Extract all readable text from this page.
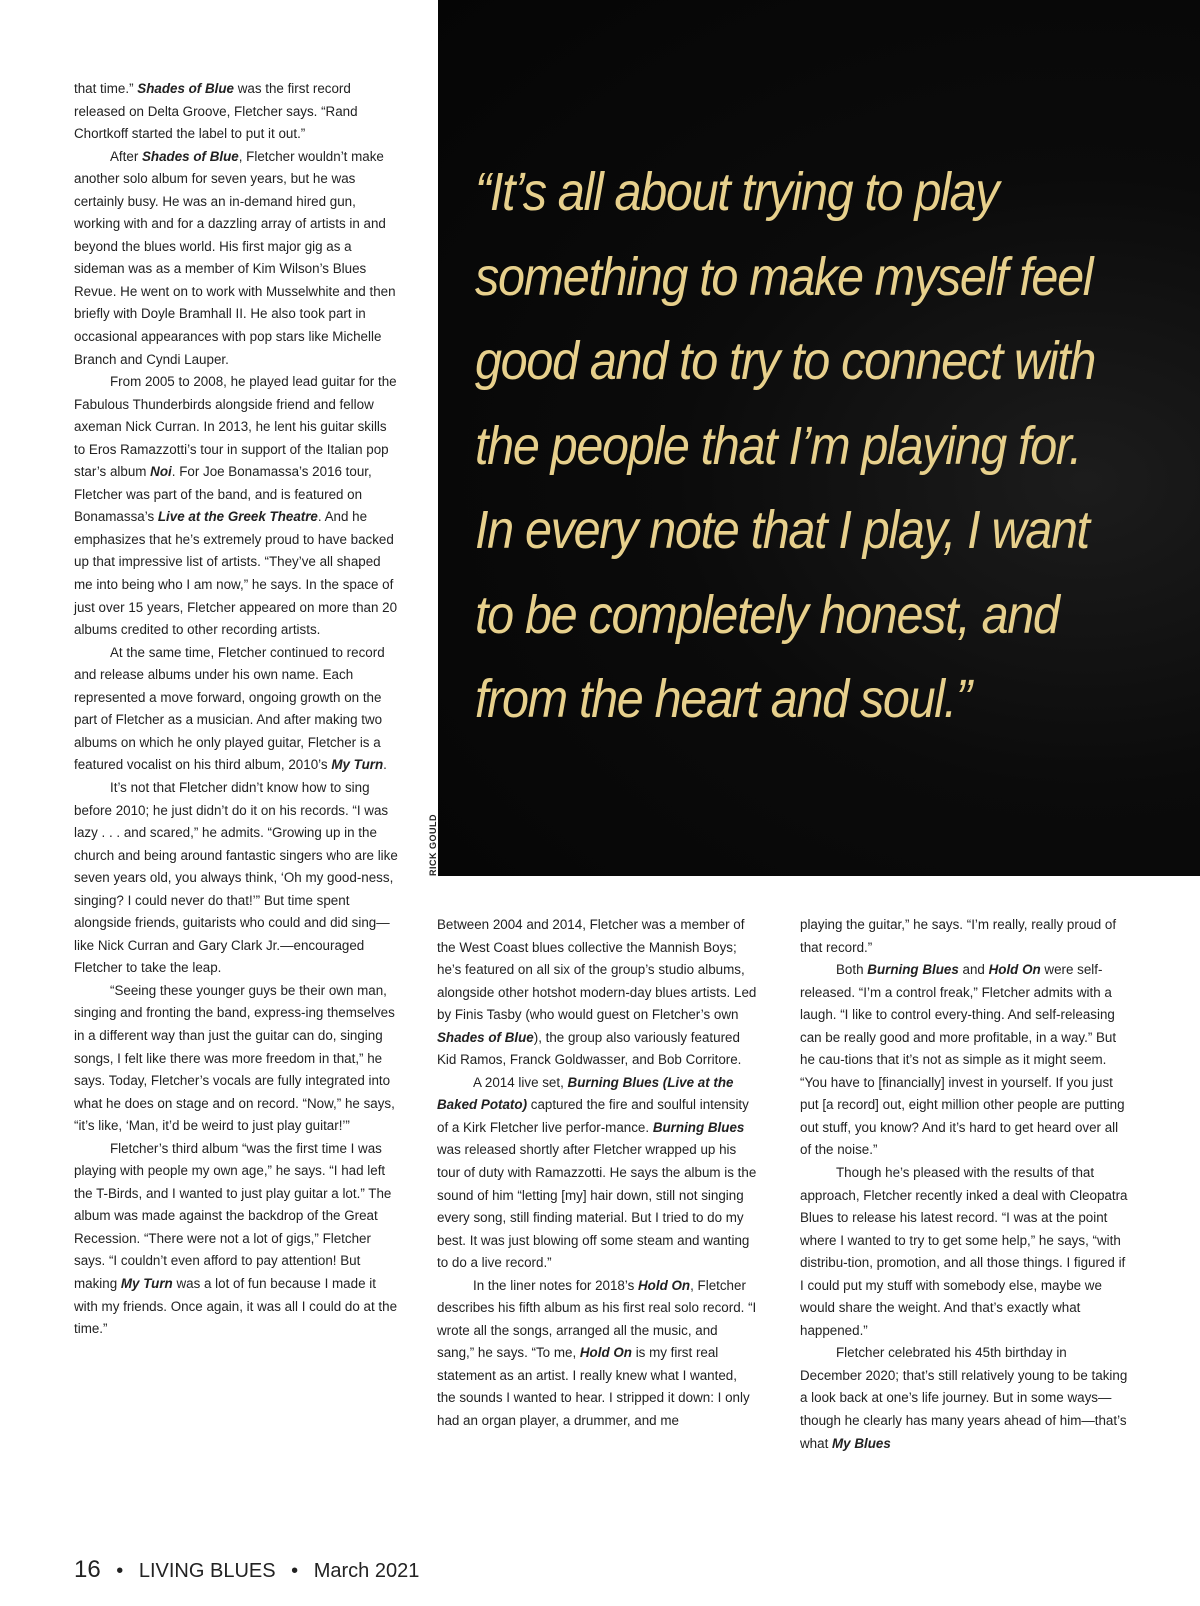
that time.” Shades of Blue was the first record released on Delta Groove, Fletcher says. “Rand Chortkoff started the label to put it out.”

After Shades of Blue, Fletcher wouldn’t make another solo album for seven years, but he was certainly busy. He was an in-demand hired gun, working with and for a dazzling array of artists in and beyond the blues world. His first major gig as a sideman was as a member of Kim Wilson’s Blues Revue. He went on to work with Musselwhite and then briefly with Doyle Bramhall II. He also took part in occasional appearances with pop stars like Michelle Branch and Cyndi Lauper.

From 2005 to 2008, he played lead guitar for the Fabulous Thunderbirds alongside friend and fellow axeman Nick Curran. In 2013, he lent his guitar skills to Eros Ramazzotti’s tour in support of the Italian pop star’s album Noi. For Joe Bonamassa’s 2016 tour, Fletcher was part of the band, and is featured on Bonamassa’s Live at the Greek Theatre. And he emphasizes that he’s extremely proud to have backed up that impressive list of artists. “They’ve all shaped me into being who I am now,” he says. In the space of just over 15 years, Fletcher appeared on more than 20 albums credited to other recording artists.

At the same time, Fletcher continued to record and release albums under his own name. Each represented a move forward, ongoing growth on the part of Fletcher as a musician. And after making two albums on which he only played guitar, Fletcher is a featured vocalist on his third album, 2010’s My Turn.

It’s not that Fletcher didn’t know how to sing before 2010; he just didn’t do it on his records. “I was lazy . . . and scared,” he admits. “Growing up in the church and being around fantastic singers who are like seven years old, you always think, ‘Oh my good-ness, singing? I could never do that!’” But time spent alongside friends, guitarists who could and did sing—like Nick Curran and Gary Clark Jr.—encouraged Fletcher to take the leap.

“Seeing these younger guys be their own man, singing and fronting the band, express-ing themselves in a different way than just the guitar can do, singing songs, I felt like there was more freedom in that,” he says. Today, Fletcher’s vocals are fully integrated into what he does on stage and on record. “Now,” he says, “it’s like, ‘Man, it’d be weird to just play guitar!’”

Fletcher’s third album “was the first time I was playing with people my own age,” he says. “I had left the T-Birds, and I wanted to just play guitar a lot.” The album was made against the backdrop of the Great Recession. “There were not a lot of gigs,” Fletcher says. “I couldn’t even afford to pay attention! But making My Turn was a lot of fun because I made it with my friends. Once again, it was all I could do at the time.”

“It’s all about trying to play something to make myself feel good and to try to connect with the people that I’m playing for. In every note that I play, I want to be completely honest, and from the heart and soul.”

RICK GOULD

Between 2004 and 2014, Fletcher was a member of the West Coast blues collective the Mannish Boys; he’s featured on all six of the group’s studio albums, alongside other hotshot modern-day blues artists. Led by Finis Tasby (who would guest on Fletcher’s own Shades of Blue), the group also variously featured Kid Ramos, Franck Goldwasser, and Bob Corritore.

A 2014 live set, Burning Blues (Live at the Baked Potato) captured the fire and soulful intensity of a Kirk Fletcher live perfor-mance. Burning Blues was released shortly after Fletcher wrapped up his tour of duty with Ramazzotti. He says the album is the sound of him “letting [my] hair down, still not singing every song, still finding material. But I tried to do my best. It was just blowing off some steam and wanting to do a live record.”

In the liner notes for 2018’s Hold On, Fletcher describes his fifth album as his first real solo record. “I wrote all the songs, arranged all the music, and sang,” he says. “To me, Hold On is my first real statement as an artist. I really knew what I wanted, the sounds I wanted to hear. I stripped it down: I only had an organ player, a drummer, and me

playing the guitar,” he says. “I’m really, really proud of that record.”

Both Burning Blues and Hold On were self-released. “I’m a control freak,” Fletcher admits with a laugh. “I like to control every-thing. And self-releasing can be really good and more profitable, in a way.” But he cau-tions that it’s not as simple as it might seem. “You have to [financially] invest in yourself. If you just put [a record] out, eight million other people are putting out stuff, you know? And it’s hard to get heard over all of the noise.”

Though he’s pleased with the results of that approach, Fletcher recently inked a deal with Cleopatra Blues to release his latest record. “I was at the point where I wanted to try to get some help,” he says, “with distribu-tion, promotion, and all those things. I figured if I could put my stuff with somebody else, maybe we would share the weight. And that’s exactly what happened.”

Fletcher celebrated his 45th birthday in December 2020; that’s still relatively young to be taking a look back at one’s life journey. But in some ways—though he clearly has many years ahead of him—that’s what My Blues

16 • LIVING BLUES • March 2021
